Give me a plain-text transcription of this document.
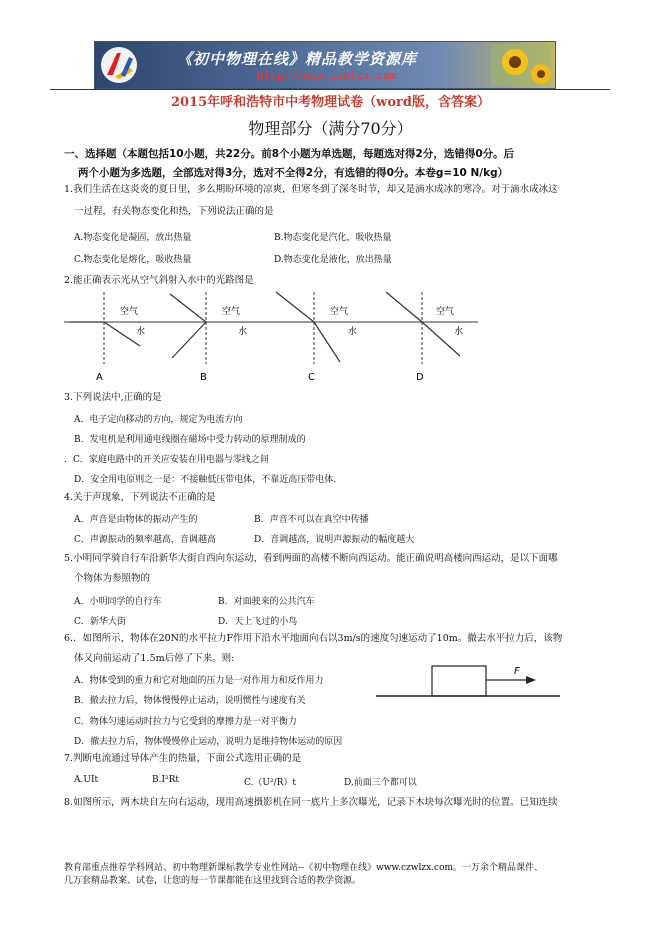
《初中物理在线》精品教学资源库
http://www.czwlzx.com
2015年呼和浩特市中考物理试卷（word版，含答案）
物理部分（满分70分）
一、选择题（本题包括10小题，共22分。前8个小题为单选题，每题选对得2分，选错得0分。后
两个小题为多选题，全部选对得3分，选对不全得2分，有选错的得0分。本卷g=10 N/kg）
1.我们生活在这炎炎的夏日里，多么期盼环境的凉爽，但寒冬到了深冬时节，却又是滴水成冰的寒冷。对于滴水成冰这
一过程，有关物态变化和热，下列说法正确的是
A.物态变化是凝固，放出热量	B.物态变化是汽化，吸收热量
C.物态变化是熔化，吸收热量	D.物态变化是液化，放出热量
2.能正确表示光从空气斜射入水中的光路图是
空气
水
A
空气
水
B
空气
水
C
空气
水
D
3.下列说法中,正确的是
A．电子定向移动的方向，规定为电流方向
B．发电机是利用通电线圈在磁场中受力转动的原理制成的
．C．家庭电路中的开关应安装在用电器与零线之间
D．安全用电原则之一是：不接触低压带电体，不靠近高压带电体．
4.关于声现象，下列说法不正确的是
A．声音是由物体的振动产生的	B．声音不可以在真空中传播
C．声源振动的频率越高，音调越高	D．音调越高，说明声源振动的幅度越大
5.小明同学骑自行车沿新华大街自西向东运动，看到两面的高楼不断向西运动。能正确说明高楼向西运动，是以下面哪
个物体为参照物的
A．小明同学的自行车	B．对面驶来的公共汽车
C．新华大街	D．天上飞过的小鸟
6.．如图所示，物体在20N的水平拉力F作用下沿水平地面向右以3m/s的速度匀速运动了10m。撤去水平拉力后，该物
体又向前运动了1.5m后停了下来。则:
A．物体受到的重力和它对地面的压力是一对作用力和反作用力
B．撤去拉力后，物体慢慢停止运动，说明惯性与速度有关
C．物体匀速运动时拉力与它受到的摩擦力是一对平衡力
D．撤去拉力后，物体慢慢停止运动，说明力是维持物体运动的原因
F
7.判断电流通过导体产生的热量，下面公式选用正确的是
A.UIt	B.I²Rt	C.（U²/R）t	D.前面三个都可以
8.如图所示，两木块自左向右运动，现用高速摄影机在同一底片上多次曝光，记录下木块每次曝光时的位置。已知连续
教育部重点推荐学科网站、初中物理新课标教学专业性网站--《初中物理在线》www.czwlzx.com。一万余个精品课件、
几万套精品教案、试卷，让您的每一节课都能在这里找到合适的教学资源。
